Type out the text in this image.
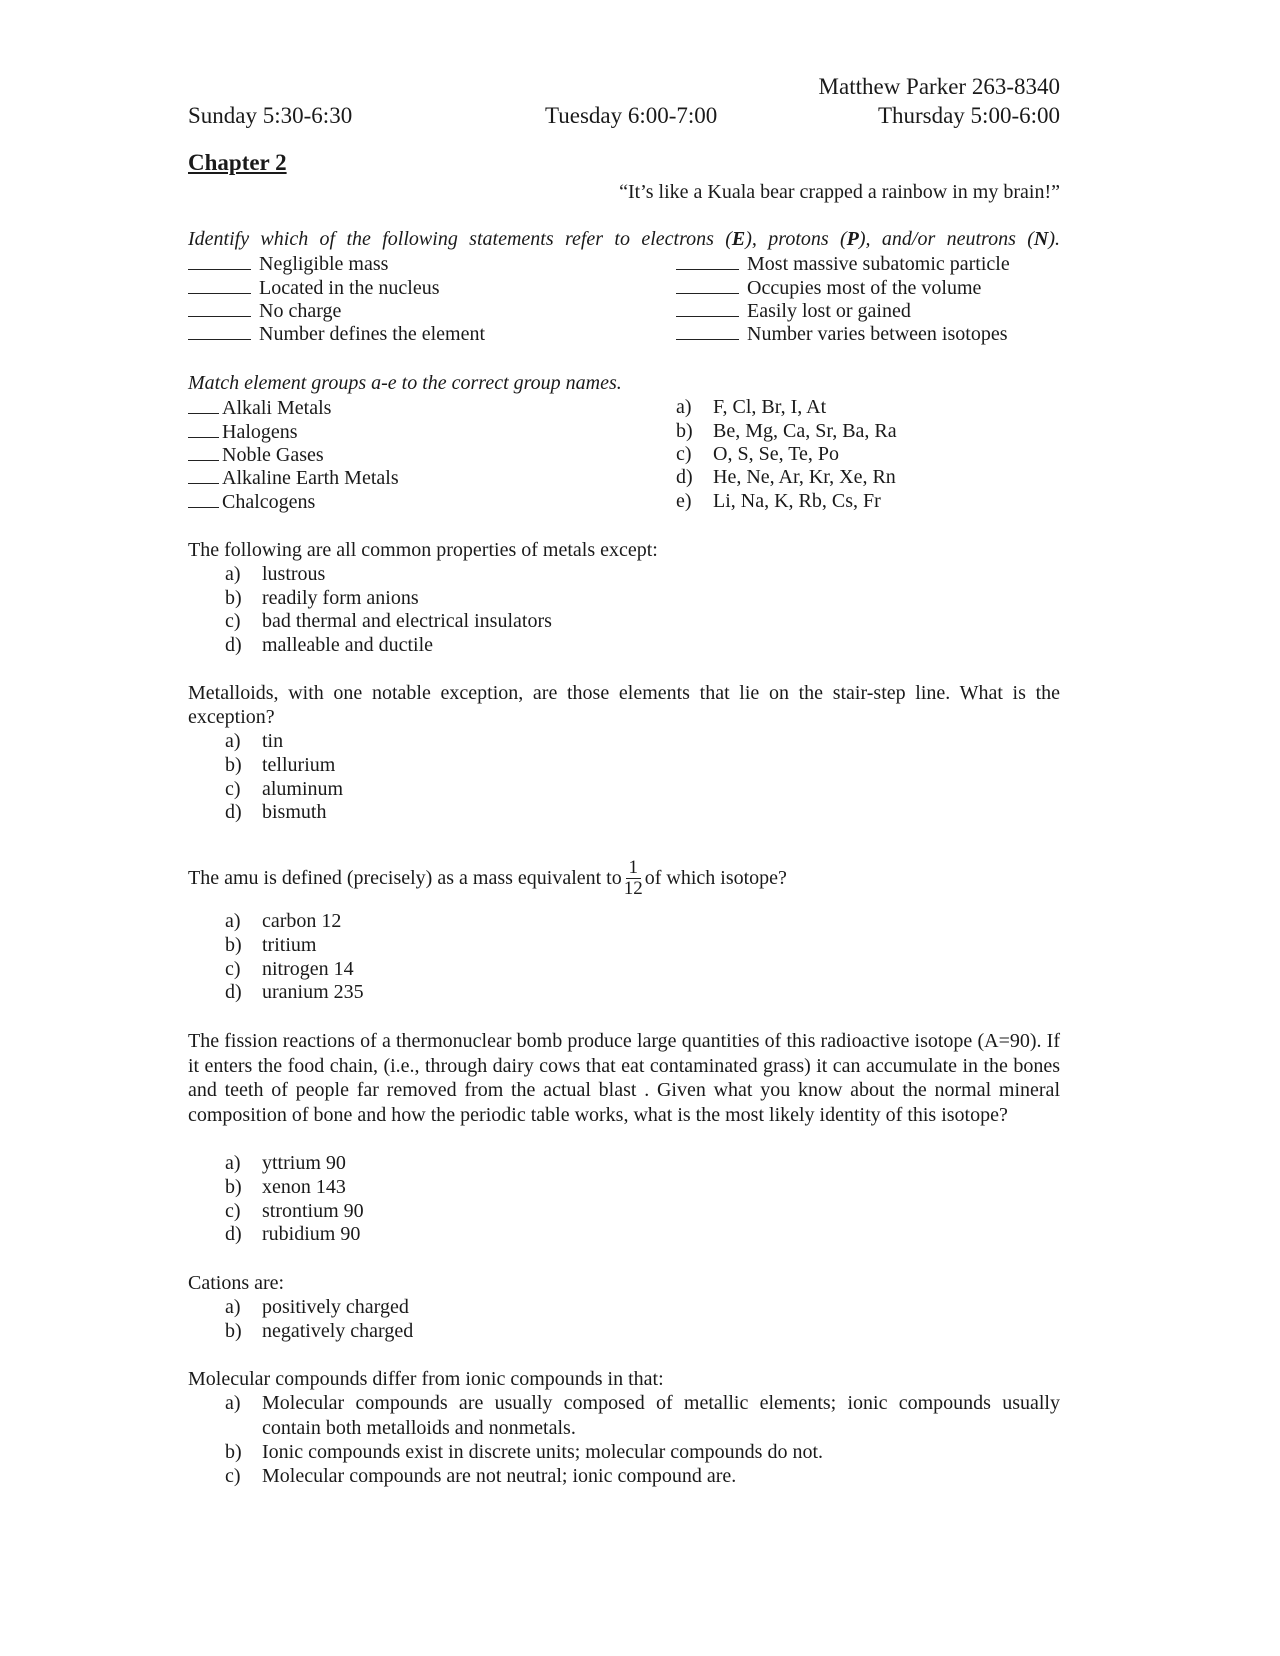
Matthew Parker 263-8340
Sunday 5:30-6:30	Tuesday 6:00-7:00	Thursday 5:00-6:00
Chapter 2
“It’s like a Kuala bear crapped a rainbow in my brain!”
Identify which of the following statements refer to electrons (E), protons (P), and/or neutrons (N).
Negligible mass
Located in the nucleus
No charge
Number defines the element
Most massive subatomic particle
Occupies most of the volume
Easily lost or gained
Number varies between isotopes
Match element groups a-e to the correct group names.
Alkali Metals
Halogens
Noble Gases
Alkaline Earth Metals
Chalcogens
a) F, Cl, Br, I, At
b) Be, Mg, Ca, Sr, Ba, Ra
c) O, S, Se, Te, Po
d) He, Ne, Ar, Kr, Xe, Rn
e) Li, Na, K, Rb, Cs, Fr
The following are all common properties of metals except:
a) lustrous
b) readily form anions
c) bad thermal and electrical insulators
d) malleable and ductile
Metalloids, with one notable exception, are those elements that lie on the stair-step line. What is the
exception?
a) tin
b) tellurium
c) aluminum
d) bismuth
The amu is defined (precisely) as a mass equivalent to $\frac{1}{12}$ of which isotope?
a) carbon 12
b) tritium
c) nitrogen 14
d) uranium 235
The fission reactions of a thermonuclear bomb produce large quantities of this radioactive isotope (A=90). If it enters the food chain, (i.e., through dairy cows that eat contaminated grass) it can accumulate in the bones and teeth of people far removed from the actual blast . Given what you know about the normal mineral composition of bone and how the periodic table works, what is the most likely identity of this isotope?
a) yttrium 90
b) xenon 143
c) strontium 90
d) rubidium 90
Cations are:
a) positively charged
b) negatively charged
Molecular compounds differ from ionic compounds in that:
a)	Molecular compounds are usually composed of metallic elements; ionic compounds usually contain both metalloids and nonmetals.
b) Ionic compounds exist in discrete units; molecular compounds do not.
c) Molecular compounds are not neutral; ionic compound are.
